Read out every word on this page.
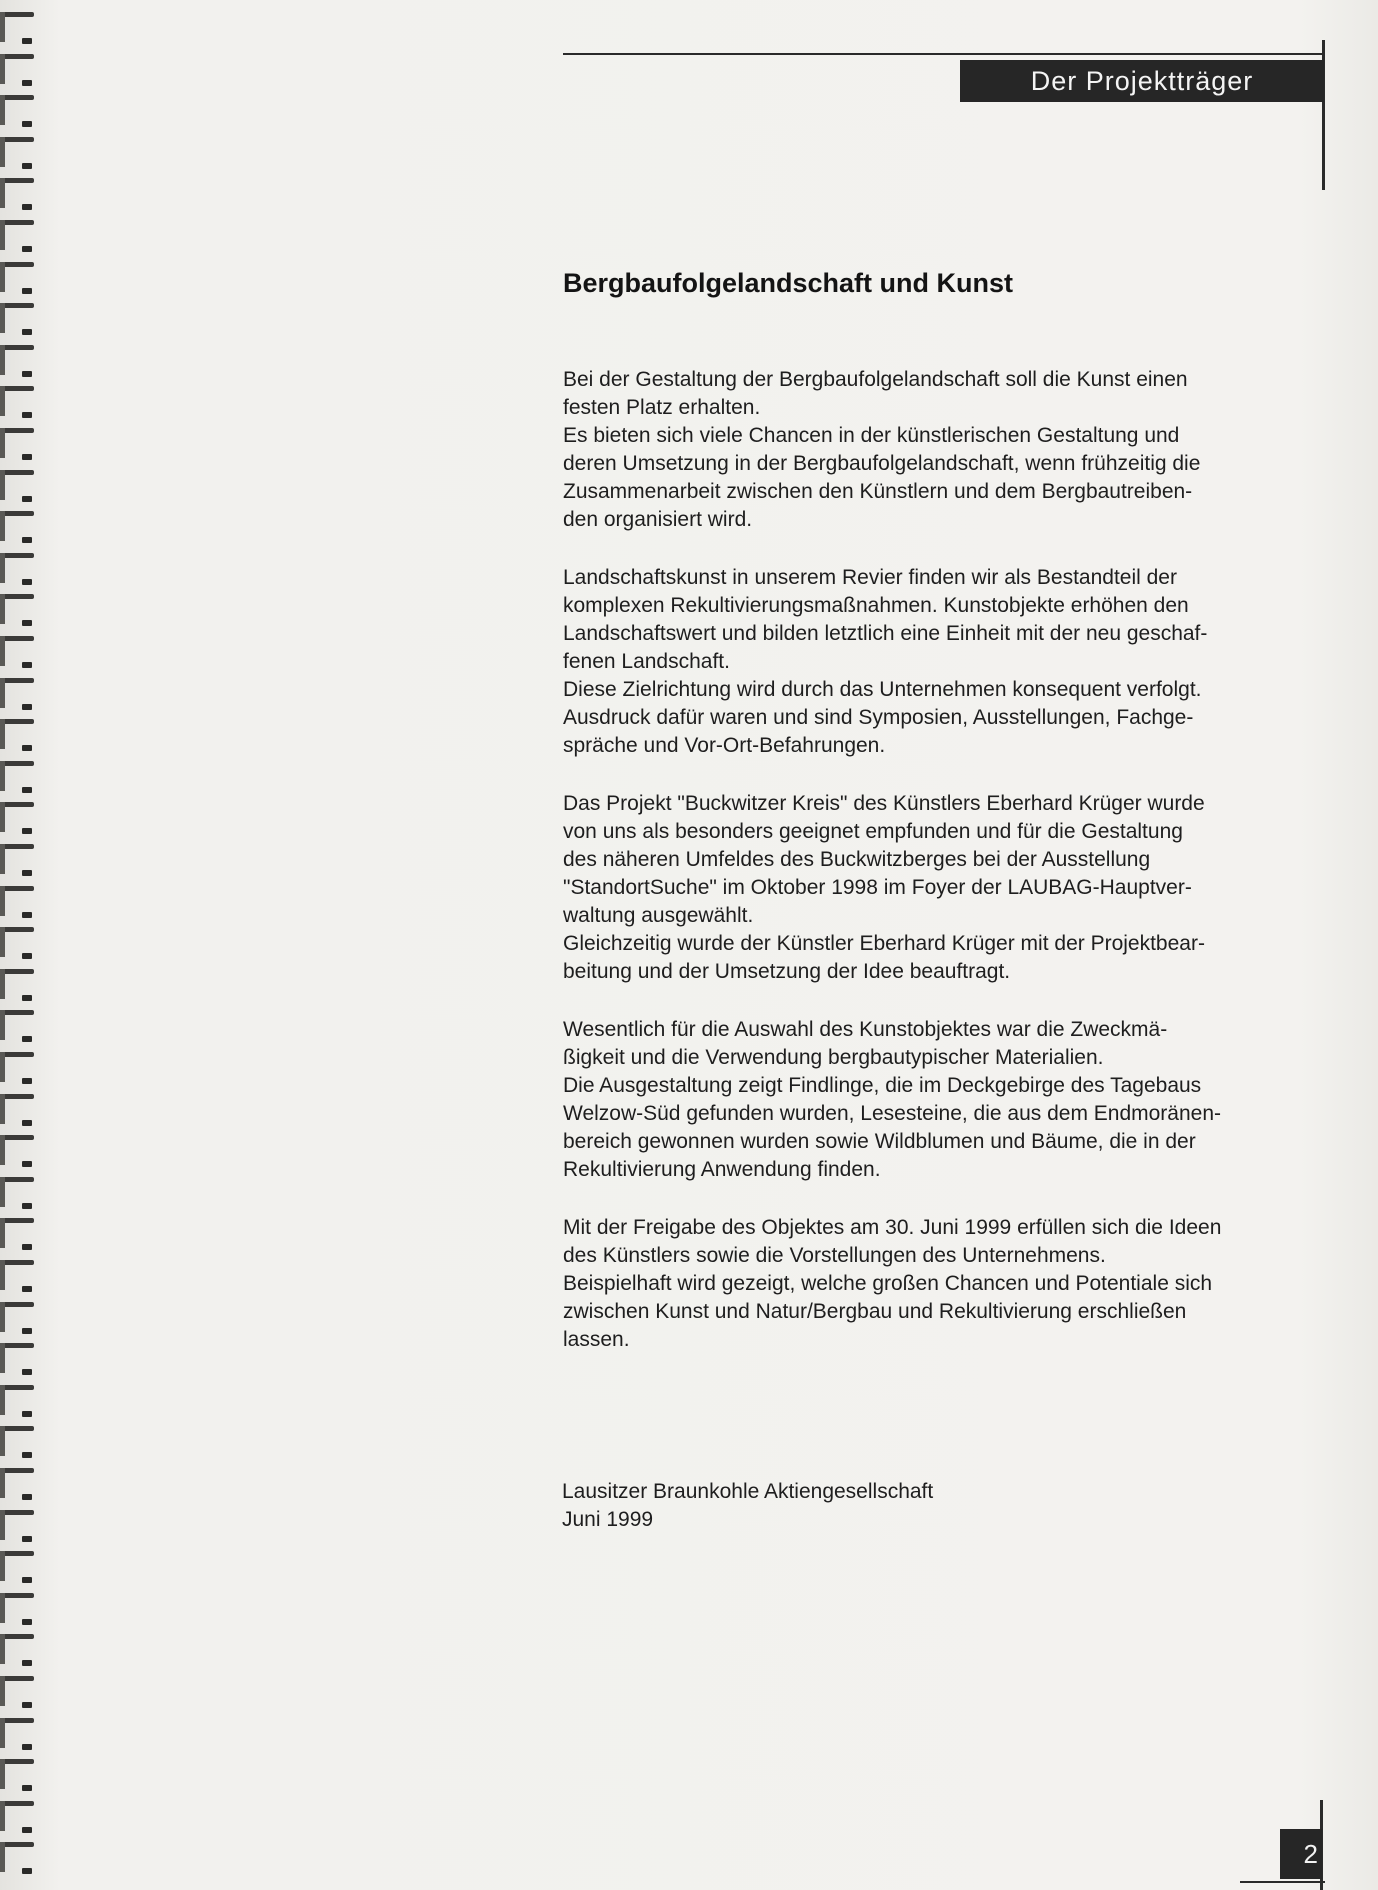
Der Projektträger
Bergbaufolgelandschaft und Kunst

Bei der Gestaltung der Bergbaufolgelandschaft soll die Kunst einen
festen Platz erhalten.
Es bieten sich viele Chancen in der künstlerischen Gestaltung und
deren Umsetzung in der Bergbaufolgelandschaft, wenn frühzeitig die
Zusammenarbeit zwischen den Künstlern und dem Bergbautreiben-
den organisiert wird.

Landschaftskunst in unserem Revier finden wir als Bestandteil der
komplexen Rekultivierungsmaßnahmen. Kunstobjekte erhöhen den
Landschaftswert und bilden letztlich eine Einheit mit der neu geschaf-
fenen Landschaft.
Diese Zielrichtung wird durch das Unternehmen konsequent verfolgt.
Ausdruck dafür waren und sind Symposien, Ausstellungen, Fachge-
spräche und Vor-Ort-Befahrungen.

Das Projekt "Buckwitzer Kreis" des Künstlers Eberhard Krüger wurde
von uns als besonders geeignet empfunden und für die Gestaltung
des näheren Umfeldes des Buckwitzberges bei der Ausstellung
"StandortSuche" im Oktober 1998 im Foyer der LAUBAG-Hauptver-
waltung ausgewählt.
Gleichzeitig wurde der Künstler Eberhard Krüger mit der Projektbear-
beitung und der Umsetzung der Idee beauftragt.

Wesentlich für die Auswahl des Kunstobjektes war die Zweckmä-
ßigkeit und die Verwendung bergbautypischer Materialien.
Die Ausgestaltung zeigt Findlinge, die im Deckgebirge des Tagebaus
Welzow-Süd gefunden wurden, Lesesteine, die aus dem Endmoränen-
bereich gewonnen wurden sowie Wildblumen und Bäume, die in der
Rekultivierung Anwendung finden.

Mit der Freigabe des Objektes am 30. Juni 1999 erfüllen sich die Ideen
des Künstlers sowie die Vorstellungen des Unternehmens.
Beispielhaft wird gezeigt, welche großen Chancen und Potentiale sich
zwischen Kunst und Natur/Bergbau und Rekultivierung erschließen
lassen.

Lausitzer Braunkohle Aktiengesellschaft
Juni 1999
2
